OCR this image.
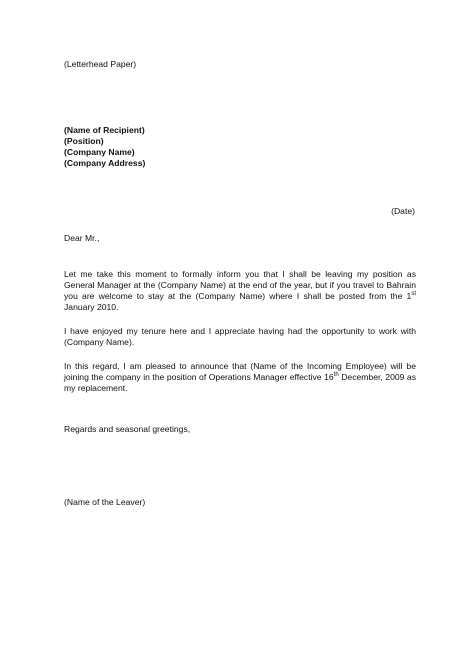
(Letterhead Paper)

(Name of Recipient)
(Position)
(Company Name)
(Company Address)

(Date)

Dear Mr.,

Let me take this moment to formally inform you that I shall be leaving my position as General Manager at the (Company Name) at the end of the year, but if you travel to Bahrain you are welcome to stay at the (Company Name) where I shall be posted from the 1st January 2010.

I have enjoyed my tenure here and I appreciate having had the opportunity to work with (Company Name).

In this regard, I am pleased to announce that (Name of the Incoming Employee) will be joining the company in the position of Operations Manager effective 16th December, 2009 as my replacement.

Regards and seasonal greetings,

(Name of the Leaver)
